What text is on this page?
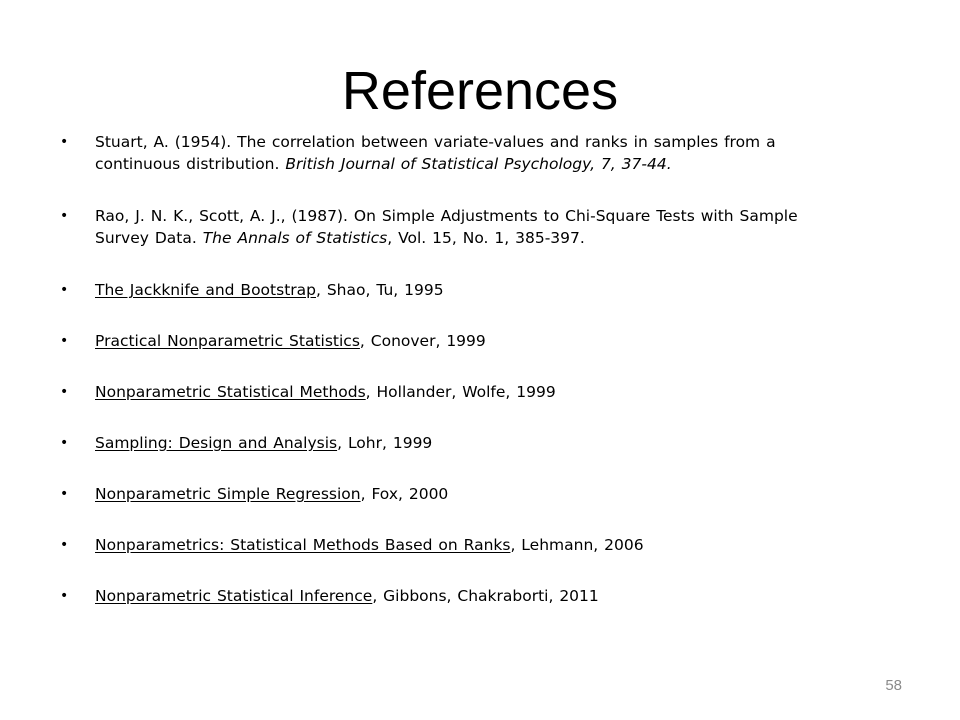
References
• Stuart, A. (1954). The correlation between variate-values and ranks in samples from a continuous distribution. British Journal of Statistical Psychology, 7, 37-44.
• Rao, J. N. K., Scott, A. J., (1987). On Simple Adjustments to Chi-Square Tests with Sample Survey Data. The Annals of Statistics, Vol. 15, No. 1, 385-397.
• The Jackknife and Bootstrap, Shao, Tu, 1995
• Practical Nonparametric Statistics, Conover, 1999
• Nonparametric Statistical Methods, Hollander, Wolfe, 1999
• Sampling: Design and Analysis, Lohr, 1999
• Nonparametric Simple Regression, Fox, 2000
• Nonparametrics: Statistical Methods Based on Ranks, Lehmann, 2006
• Nonparametric Statistical Inference, Gibbons, Chakraborti, 2011
58
